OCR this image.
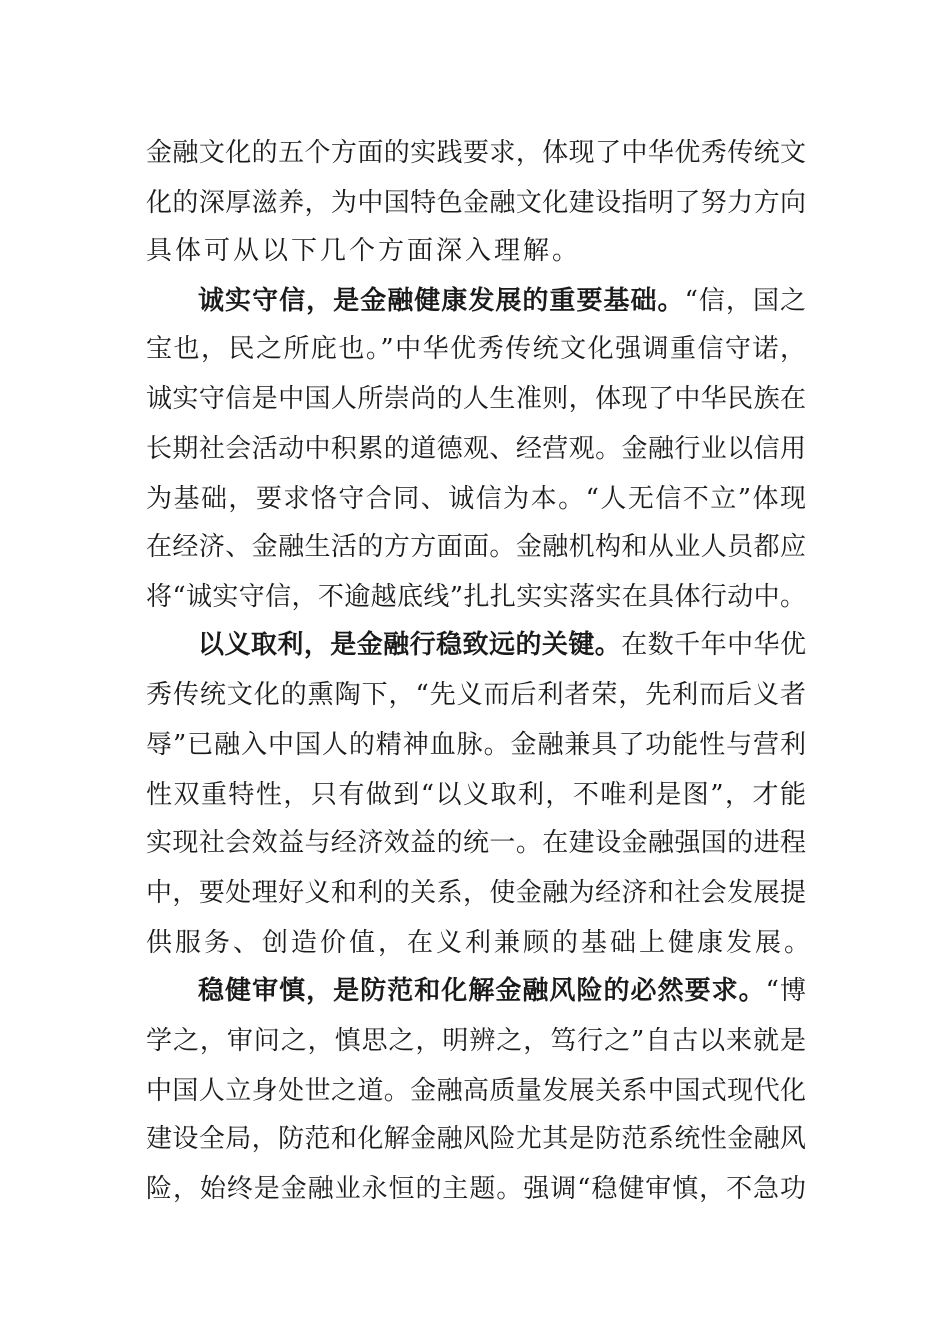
金融文化的五个方面的实践要求，体现了中华优秀传统文
化的深厚滋养，为中国特色金融文化建设指明了努力方向
具体可从以下几个方面深入理解。
诚实守信，是金融健康发展的重要基础。“信，国之
宝也，民之所庇也。”中华优秀传统文化强调重信守诺，
诚实守信是中国人所崇尚的人生准则，体现了中华民族在
长期社会活动中积累的道德观、经营观。金融行业以信用
为基础，要求恪守合同、诚信为本。“人无信不立”体现
在经济、金融生活的方方面面。金融机构和从业人员都应
将“诚实守信，不逾越底线”扎扎实实落实在具体行动中。
以义取利，是金融行稳致远的关键。在数千年中华优
秀传统文化的熏陶下，“先义而后利者荣，先利而后义者
辱”已融入中国人的精神血脉。金融兼具了功能性与营利
性双重特性，只有做到“以义取利，不唯利是图”，才能
实现社会效益与经济效益的统一。在建设金融强国的进程
中，要处理好义和利的关系，使金融为经济和社会发展提
供服务、创造价值，在义利兼顾的基础上健康发展。
稳健审慎，是防范和化解金融风险的必然要求。“博
学之，审问之，慎思之，明辨之，笃行之”自古以来就是
中国人立身处世之道。金融高质量发展关系中国式现代化
建设全局，防范和化解金融风险尤其是防范系统性金融风
险，始终是金融业永恒的主题。强调“稳健审慎，不急功
